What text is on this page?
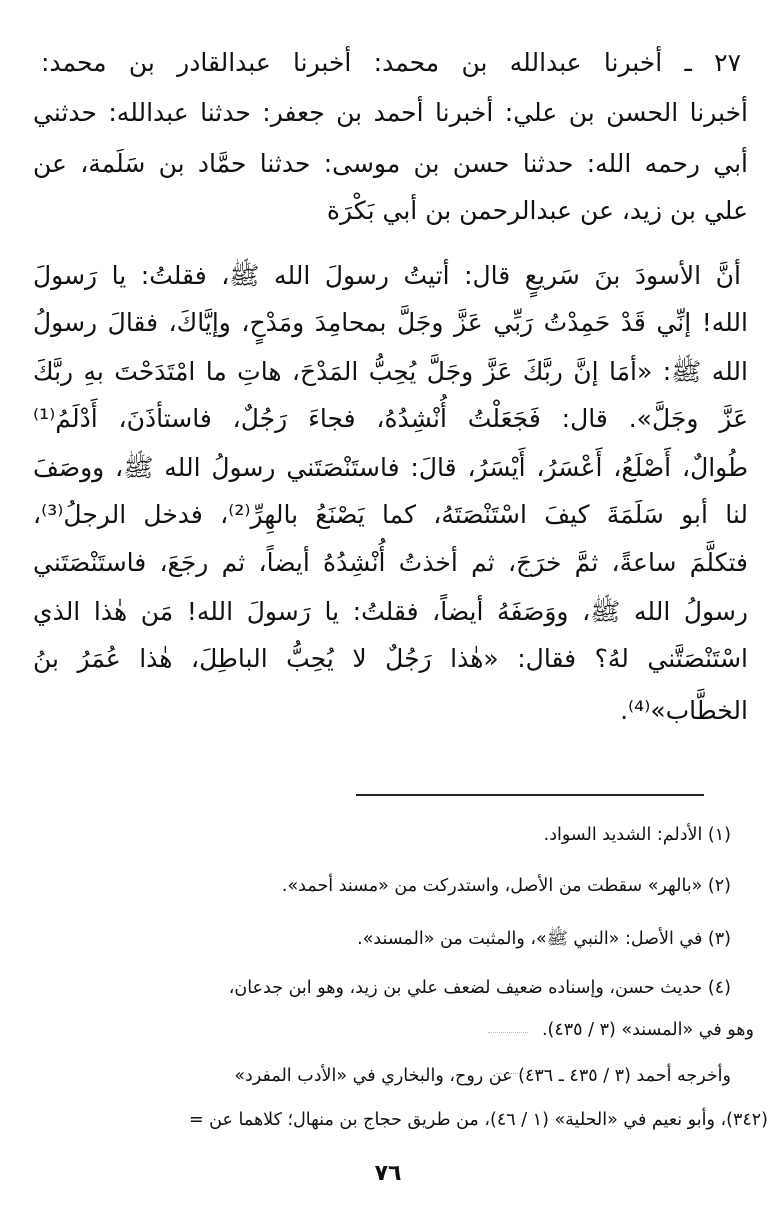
٢٧ ـ أخبرنا عبدالله بن محمد: أخبرنا عبدالقادر بن محمد:
أخبرنا الحسن بن علي: أخبرنا أحمد بن جعفر: حدثنا عبدالله: حدثني
أبي رحمه الله: حدثنا حسن بن موسى: حدثنا حمَّاد بن سَلَمة، عن
علي بن زيد، عن عبدالرحمن بن أبي بَكْرَة
أنَّ الأسودَ بنَ سَريعٍ قال: أتيتُ رسولَ الله ﷺ، فقلتُ: يا رَسولَ
الله! إنِّي قَدْ حَمِدْتُ رَبِّي عَزَّ وجَلَّ بمحامِدَ ومَدْحٍ، وإيَّاكَ، فقالَ رسولُ
الله ﷺ: «أمَا إنَّ ربَّكَ عَزَّ وجَلَّ يُحِبُّ المَدْحَ، هاتِ ما امْتَدَحْتَ بهِ ربَّكَ
عَزَّ وجَلَّ». قال: فَجَعَلْتُ أُنْشِدُهُ، فجاءَ رَجُلٌ، فاستأذَنَ، أَدْلَمُ⁽¹⁾
طُوالٌ، أَصْلَعُ، أَعْسَرُ، أَيْسَرُ، قالَ: فاستَنْصَتَني رسولُ الله ﷺ، ووصَفَ
لنا أبو سَلَمَةَ كيفَ اسْتَنْصَتَهُ، كما يَصْنَعُ بالهِرِّ⁽²⁾، فدخل الرجلُ⁽³⁾،
فتكلَّمَ ساعةً، ثمَّ خرَجَ، ثم أخذتُ أُنْشِدُهُ أيضاً، ثم رجَعَ، فاستَنْصَتَني
رسولُ الله ﷺ، ووَصَفَهُ أيضاً، فقلتُ: يا رَسولَ الله! مَن هٰذا الذي
اسْتَنْصَتَّني لهُ؟ فقال: «هٰذا رَجُلٌ لا يُحِبُّ الباطِلَ، هٰذا عُمَرُ بنُ
الخطَّاب»⁽⁴⁾.
(١) الأدلم: الشديد السواد.
(٢) «بالهر» سقطت من الأصل، واستدركت من «مسند أحمد».
(٣) في الأصل: «النبي ﷺ»، والمثبت من «المسند».
(٤) حديث حسن، وإسناده ضعيف لضعف علي بن زيد، وهو ابن جدعان،
وهو في «المسند» (٣ / ٤٣٥).
وأخرجه أحمد (٣ / ٤٣٥ ـ ٤٣٦) عن روح، والبخاري في «الأدب المفرد»
(٣٤٢)، وأبو نعيم في «الحلية» (١ / ٤٦)، من طريق حجاج بن منهال؛ كلاهما عن =
٧٦
